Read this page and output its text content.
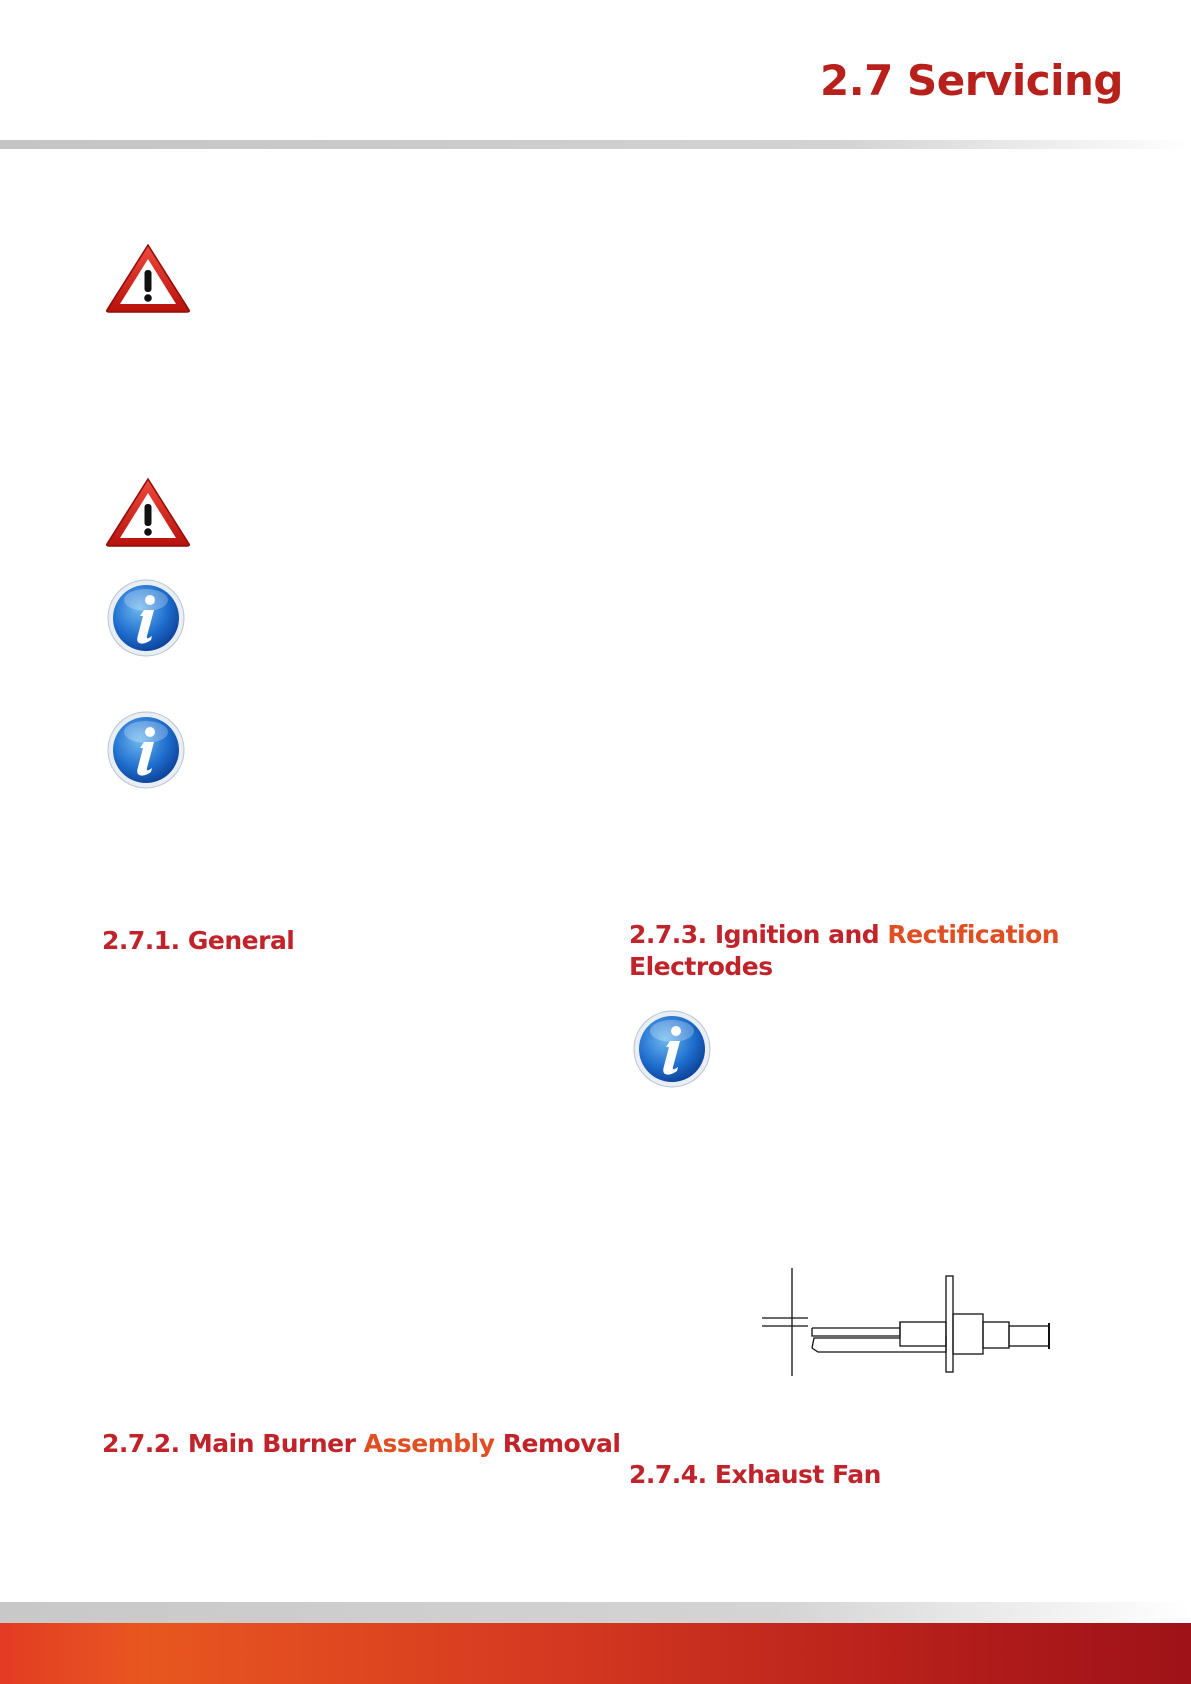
2.7 Servicing
2.7.1. General
2.7.2. Main Burner Assembly Removal
2.7.3. Ignition and Rectification
Electrodes
2.7.4. Exhaust Fan
